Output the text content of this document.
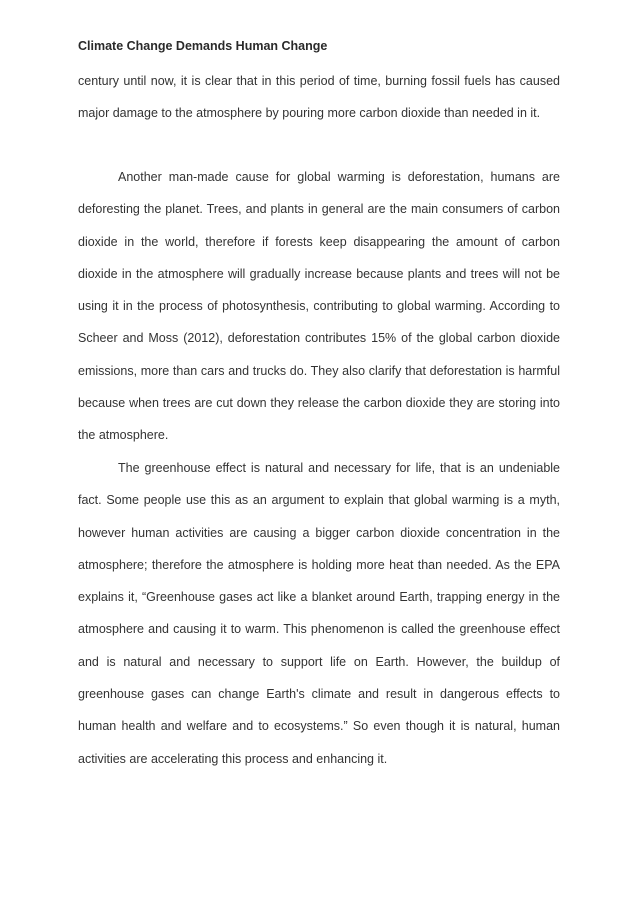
Climate Change Demands Human Change

century until now, it is clear that in this period of time, burning fossil fuels has caused major damage to the atmosphere by pouring more carbon dioxide than needed in it.

Another man-made cause for global warming is deforestation, humans are deforesting the planet. Trees, and plants in general are the main consumers of carbon dioxide in the world, therefore if forests keep disappearing the amount of carbon dioxide in the atmosphere will gradually increase because plants and trees will not be using it in the process of photosynthesis, contributing to global warming. According to Scheer and Moss (2012), deforestation contributes 15% of the global carbon dioxide emissions, more than cars and trucks do. They also clarify that deforestation is harmful because when trees are cut down they release the carbon dioxide they are storing into the atmosphere.

The greenhouse effect is natural and necessary for life, that is an undeniable fact. Some people use this as an argument to explain that global warming is a myth, however human activities are causing a bigger carbon dioxide concentration in the atmosphere; therefore the atmosphere is holding more heat than needed. As the EPA explains it, “Greenhouse gases act like a blanket around Earth, trapping energy in the atmosphere and causing it to warm. This phenomenon is called the greenhouse effect and is natural and necessary to support life on Earth. However, the buildup of greenhouse gases can change Earth's climate and result in dangerous effects to human health and welfare and to ecosystems.” So even though it is natural, human activities are accelerating this process and enhancing it.
